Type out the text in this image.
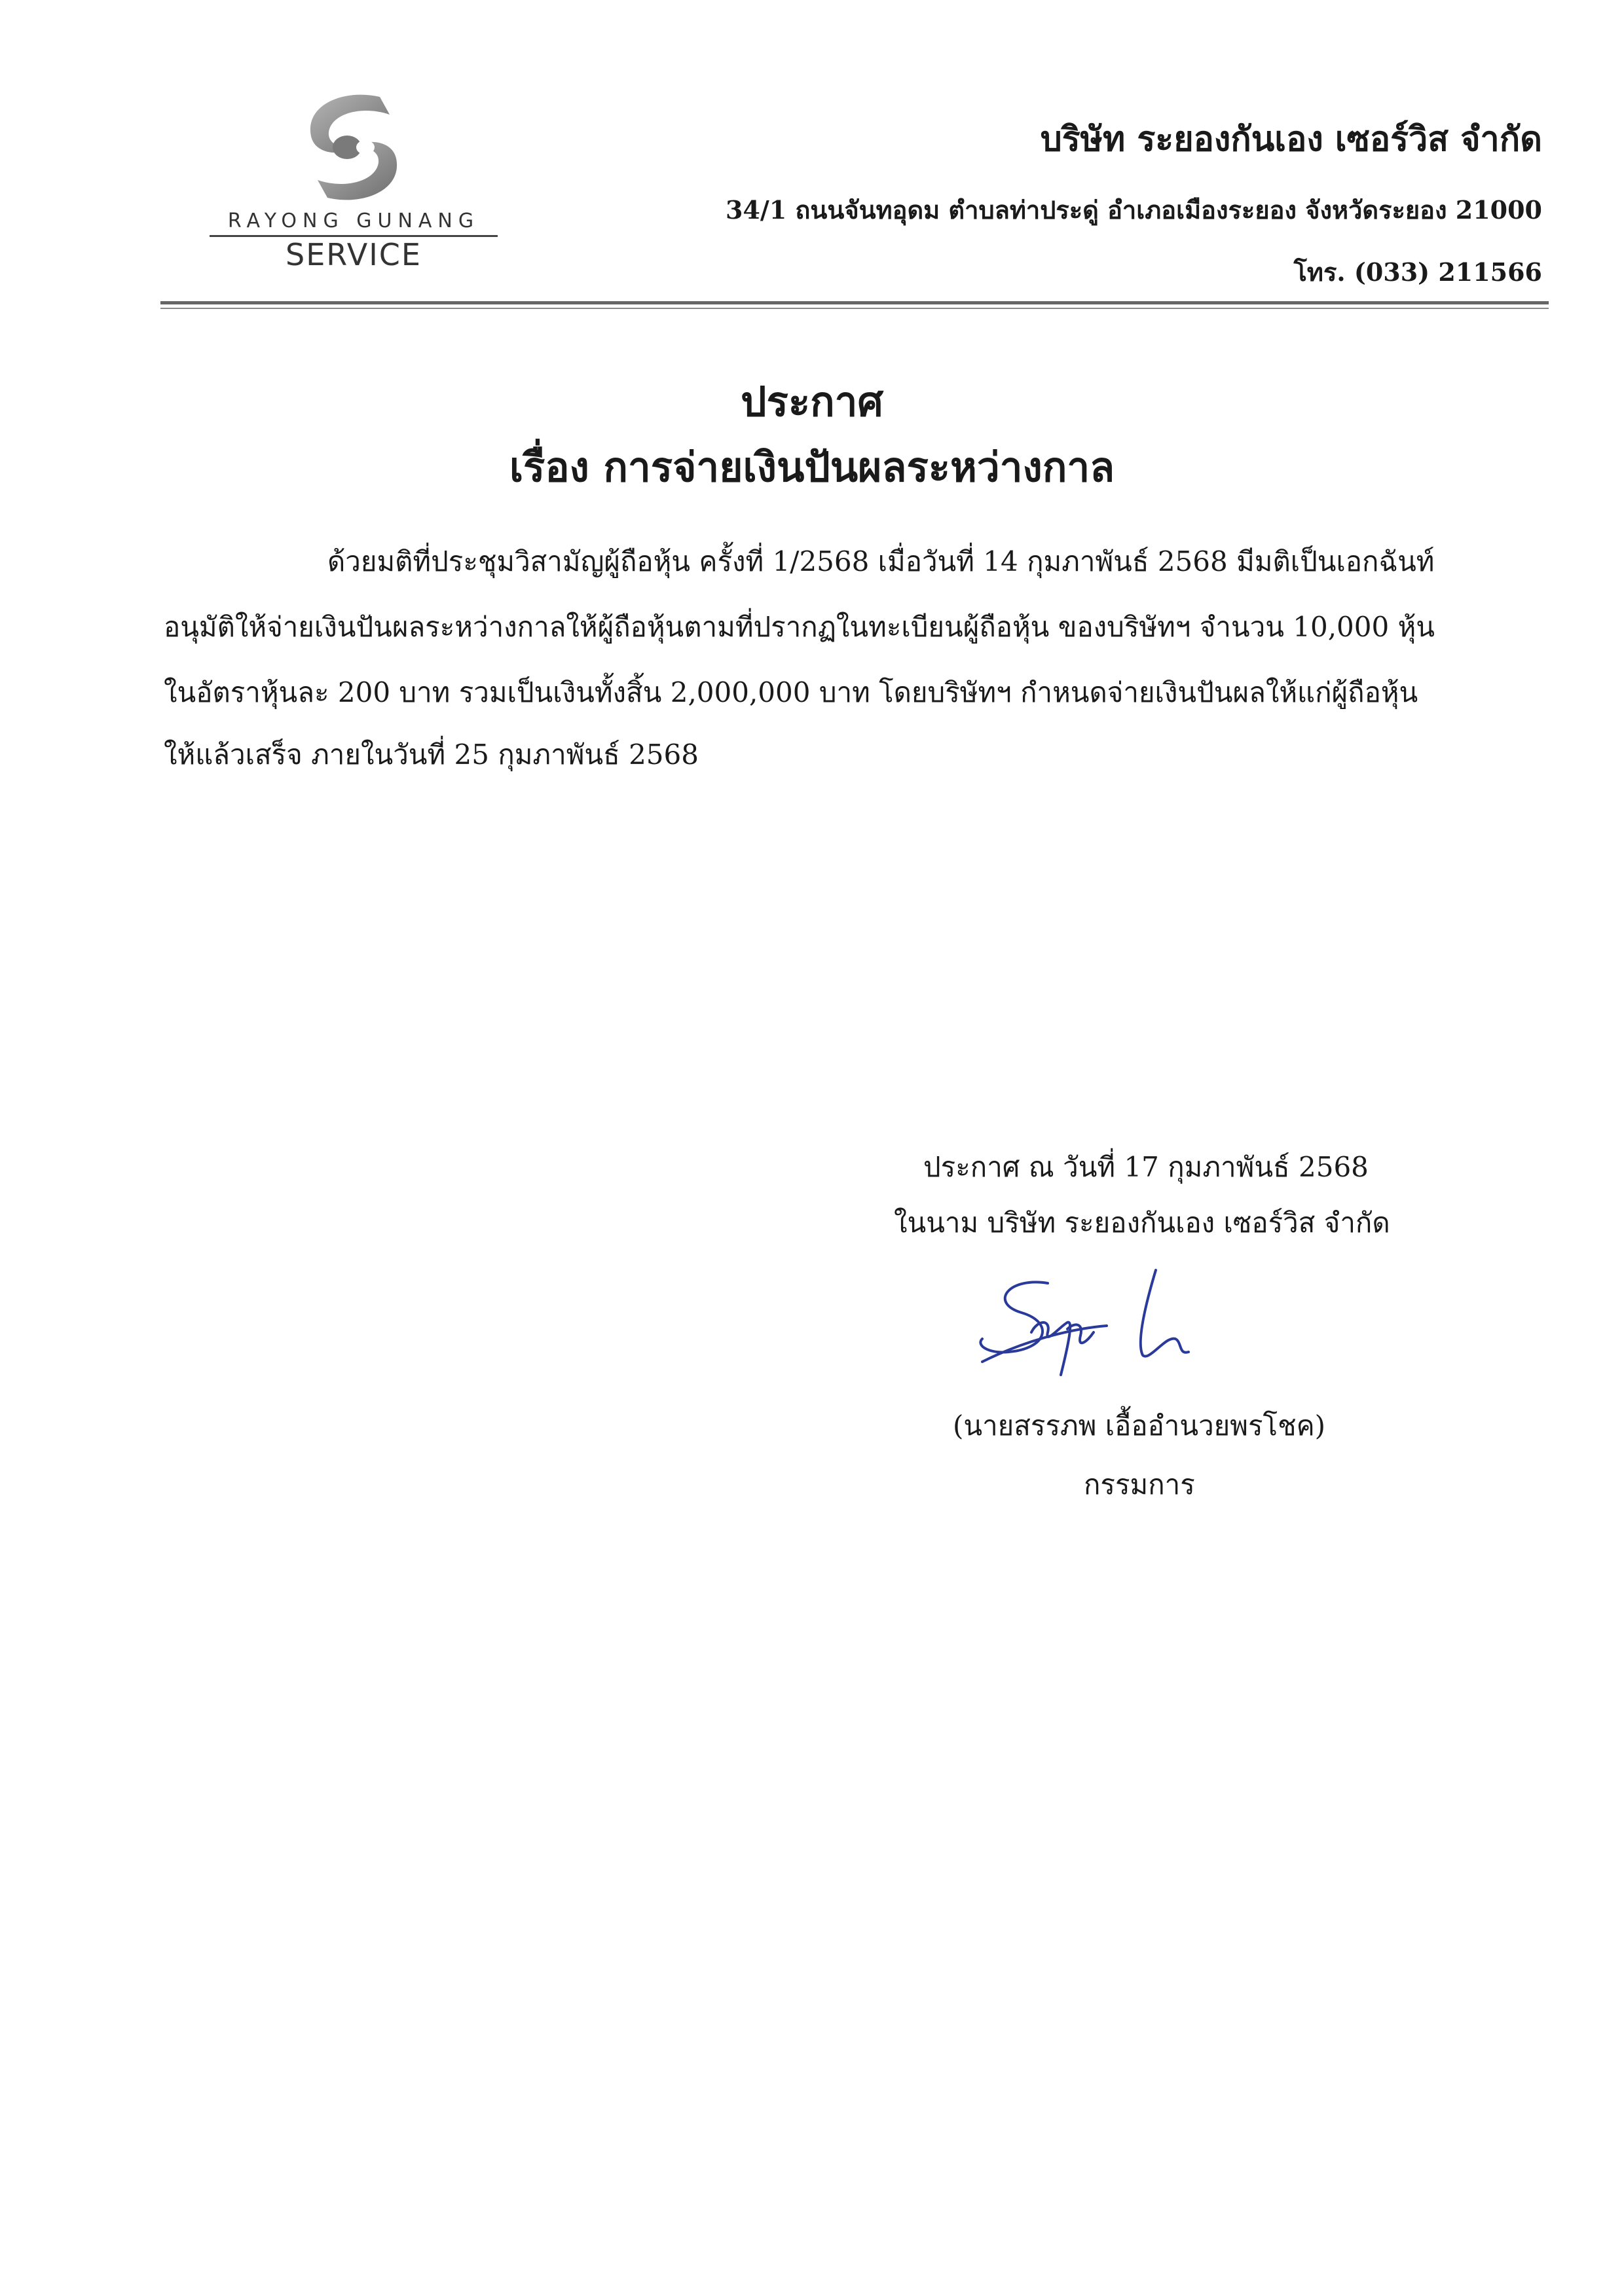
RAYONG GUNANG
SERVICE
บริษัท ระยองกันเอง เซอร์วิส จำกัด
34/1 ถนนจันทอุดม ตำบลท่าประดู่ อำเภอเมืองระยอง จังหวัดระยอง 21000
โทร. (033) 211566
ประกาศ
เรื่อง การจ่ายเงินปันผลระหว่างกาล
ด้วยมติที่ประชุมวิสามัญผู้ถือหุ้น ครั้งที่ 1/2568 เมื่อวันที่ 14 กุมภาพันธ์ 2568 มีมติเป็นเอกฉันท์
อนุมัติให้จ่ายเงินปันผลระหว่างกาลให้ผู้ถือหุ้นตามที่ปรากฏในทะเบียนผู้ถือหุ้น ของบริษัทฯ จำนวน 10,000 หุ้น
ในอัตราหุ้นละ 200 บาท รวมเป็นเงินทั้งสิ้น 2,000,000 บาท โดยบริษัทฯ กำหนดจ่ายเงินปันผลให้แก่ผู้ถือหุ้น
ให้แล้วเสร็จ ภายในวันที่ 25 กุมภาพันธ์ 2568
ประกาศ ณ วันที่ 17 กุมภาพันธ์ 2568
ในนาม บริษัท ระยองกันเอง เซอร์วิส จำกัด
(นายสรรภพ เอื้ออำนวยพรโชค)
กรรมการ
